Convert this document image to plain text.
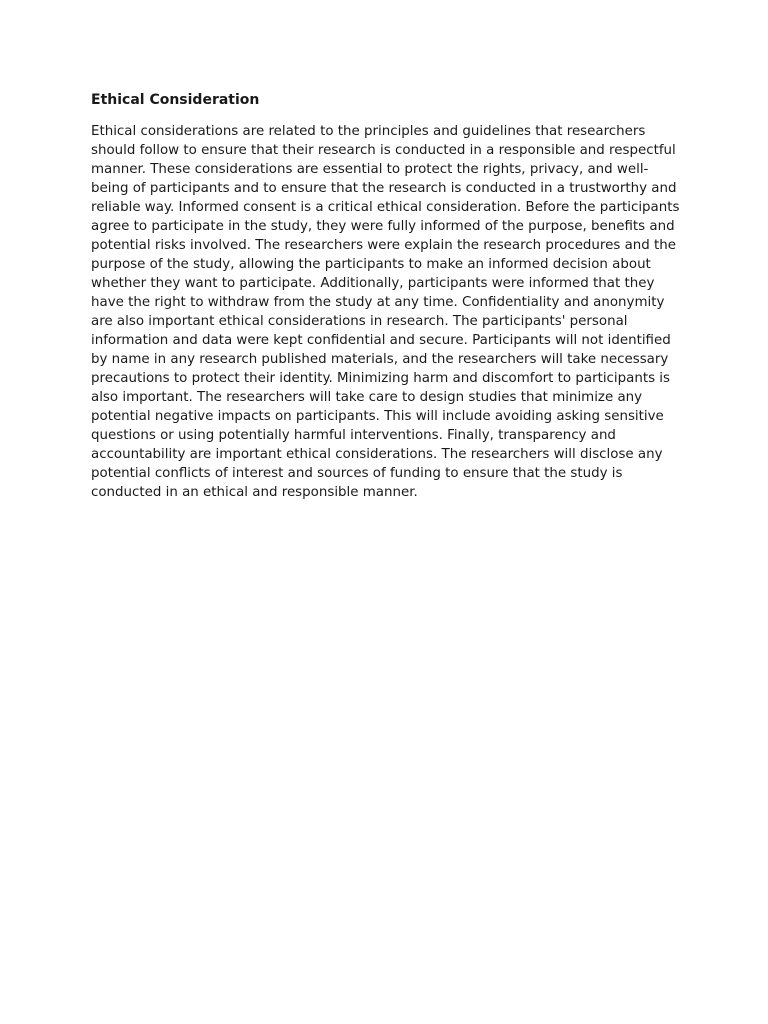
Ethical Consideration

Ethical considerations are related to the principles and guidelines that researchers should follow to ensure that their research is conducted in a responsible and respectful manner. These considerations are essential to protect the rights, privacy, and well-being of participants and to ensure that the research is conducted in a trustworthy and reliable way. Informed consent is a critical ethical consideration. Before the participants agree to participate in the study, they were fully informed of the purpose, benefits and potential risks involved. The researchers were explain the research procedures and the purpose of the study, allowing the participants to make an informed decision about whether they want to participate. Additionally, participants were informed that they have the right to withdraw from the study at any time. Confidentiality and anonymity are also important ethical considerations in research. The participants' personal information and data were kept confidential and secure. Participants will not identified by name in any research published materials, and the researchers will take necessary precautions to protect their identity. Minimizing harm and discomfort to participants is also important. The researchers will take care to design studies that minimize any potential negative impacts on participants. This will include avoiding asking sensitive questions or using potentially harmful interventions. Finally, transparency and accountability are important ethical considerations. The researchers will disclose any potential conflicts of interest and sources of funding to ensure that the study is conducted in an ethical and responsible manner.
